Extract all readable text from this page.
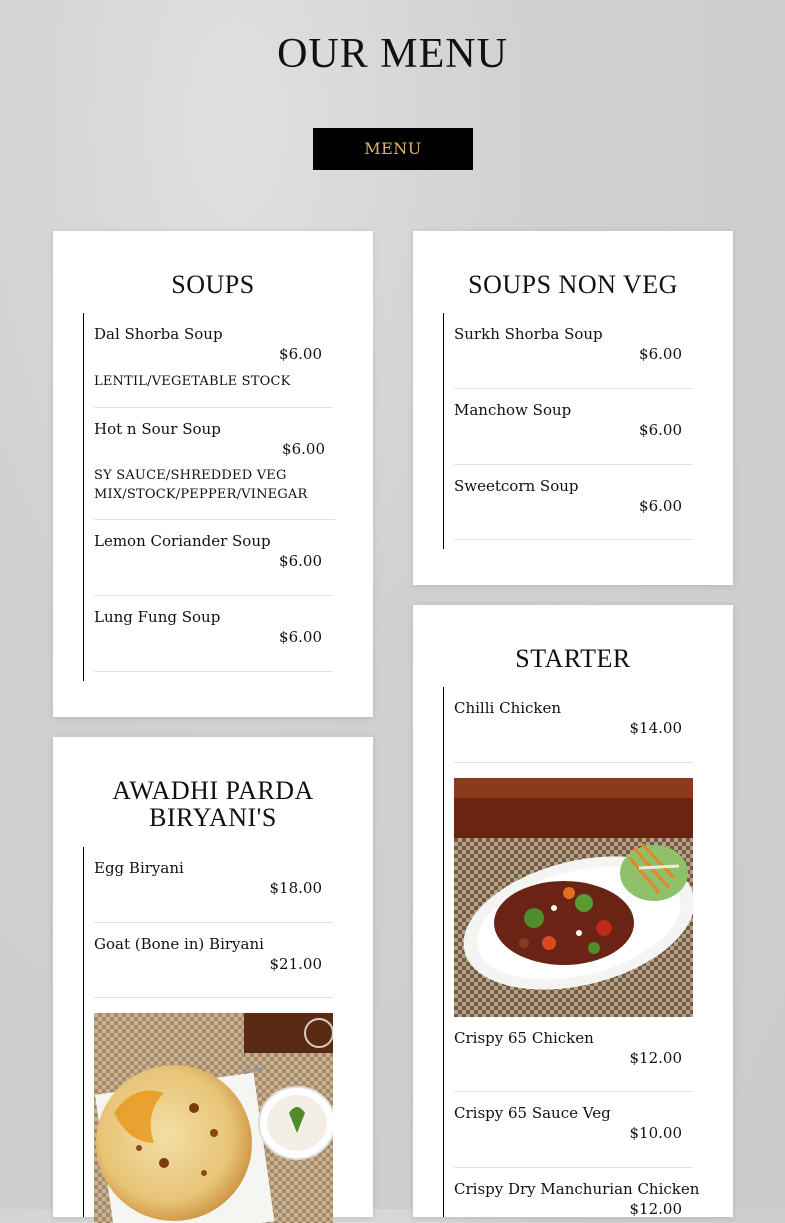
OUR MENU
MENU
SOUPS
Dal Shorba Soup
$6.00
LENTIL/VEGETABLE STOCK
Hot n Sour Soup
$6.00
SY SAUCE/SHREDDED VEG MIX/STOCK/PEPPER/VINEGAR
Lemon Coriander Soup
$6.00
Lung Fung Soup
$6.00
SOUPS NON VEG
Surkh Shorba Soup
$6.00
Manchow Soup
$6.00
Sweetcorn Soup
$6.00
AWADHI PARDA
BIRYANI'S
Egg Biryani
$18.00
Goat (Bone in) Biryani
$21.00
STARTER
Chilli Chicken
$14.00
Crispy 65 Chicken
$12.00
Crispy 65 Sauce Veg
$10.00
Crispy Dry Manchurian Chicken
$12.00
